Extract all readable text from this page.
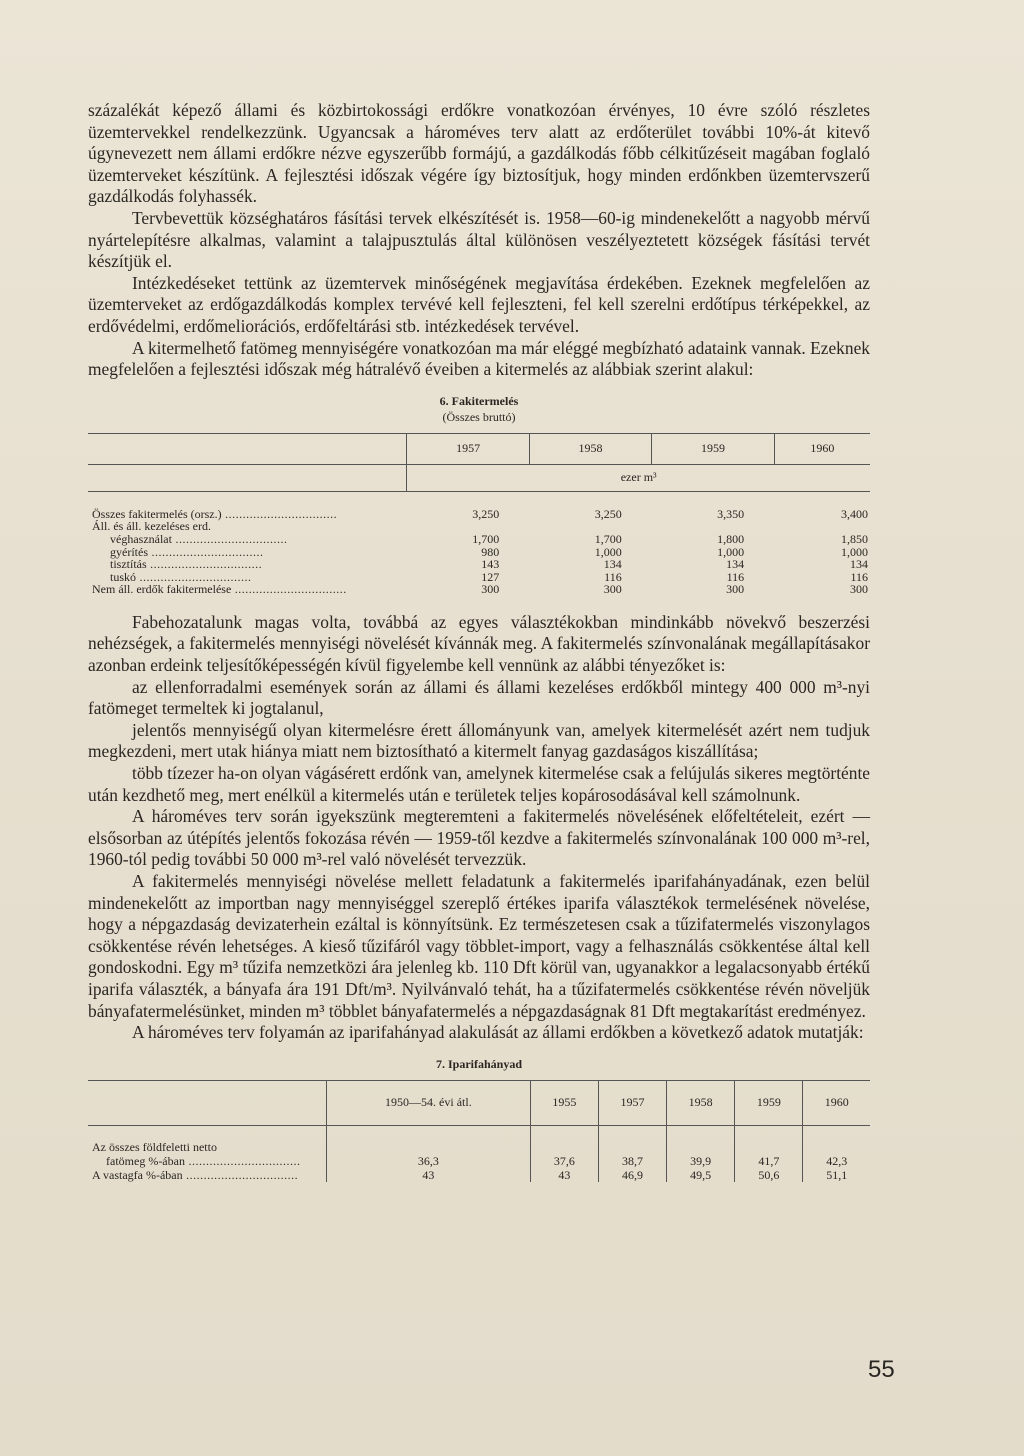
százalékát képező állami és közbirtokossági erdőkre vonatkozóan érvényes, 10 évre szóló részletes üzemtervekkel rendelkezzünk. Ugyancsak a hároméves terv alatt az erdőterület további 10%-át kitevő úgynevezett nem állami erdőkre nézve egyszerűbb formájú, a gazdálkodás főbb célkitűzéseit magában foglaló üzemterveket készítünk. A fejlesztési időszak végére így biztosítjuk, hogy minden erdőnkben üzemtervszerű gazdálkodás folyhassék.

Tervbevettük községhatáros fásítási tervek elkészítését is. 1958—60-ig mindenekelőtt a nagyobb mérvű nyártelepítésre alkalmas, valamint a talajpusztulás által különösen veszélyeztetett községek fásítási tervét készítjük el.

Intézkedéseket tettünk az üzemtervek minőségének megjavítása érdekében. Ezeknek megfelelően az üzemterveket az erdőgazdálkodás komplex tervévé kell fejleszteni, fel kell szerelni erdőtípus térképekkel, az erdővédelmi, erdőmeliorációs, erdőfeltárási stb. intézkedések tervével.

A kitermelhető fatömeg mennyiségére vonatkozóan ma már eléggé megbízható adataink vannak. Ezeknek megfelelően a fejlesztési időszak még hátralévő éveiben a kitermelés az alábbiak szerint alakul:

6. Fakitermelés
(Összes bruttó)
	1957	1958	1959	1960
	ezer m³			

Összes fakitermelés (orsz.) .....	3,250	3,250	3,350	3,400
Áll. és áll. kezeléses erd.				
véghasználat .....	1,700	1,700	1,800	1,850
gyérítés .....	980	1,000	1,000	1,000
tisztítás .....	143	134	134	134
tuskó .....	127	116	116	116
Nem áll. erdők fakitermelése .....	300	300	300	300

Fabehozatalunk magas volta, továbbá az egyes választékokban mindinkább növekvő beszerzési nehézségek, a fakitermelés mennyiségi növelését kívánnák meg. A fakitermelés színvonalának megállapításakor azonban erdeink teljesítőképességén kívül figyelembe kell vennünk az alábbi tényezőket is:

az ellenforradalmi események során az állami és állami kezeléses erdőkből mintegy 400 000 m³-nyi fatömeget termeltek ki jogtalanul,

jelentős mennyiségű olyan kitermelésre érett állományunk van, amelyek kitermelését azért nem tudjuk megkezdeni, mert utak hiánya miatt nem biztosítható a kitermelt fanyag gazdaságos kiszállítása;

több tízezer ha-on olyan vágásérett erdőnk van, amelynek kitermelése csak a felújulás sikeres megtörténte után kezdhető meg, mert enélkül a kitermelés után e területek teljes kopárosodásával kell számolnunk.

A hároméves terv során igyekszünk megteremteni a fakitermelés növelésének előfeltételeit, ezért — elsősorban az útépítés jelentős fokozása révén — 1959-től kezdve a fakitermelés színvonalának 100 000 m³-rel, 1960-tól pedig további 50 000 m³-rel való növelését tervezzük.

A fakitermelés mennyiségi növelése mellett feladatunk a fakitermelés iparifahányadának, ezen belül mindenekelőtt az importban nagy mennyiséggel szereplő értékes iparifa választékok termelésének növelése, hogy a népgazdaság devizaterhein ezáltal is könnyítsünk. Ez természetesen csak a tűzifatermelés viszonylagos csökkentése révén lehetséges. A kieső tűzifáról vagy többlet-import, vagy a felhasználás csökkentése által kell gondoskodni. Egy m³ tűzifa nemzetközi ára jelenleg kb. 110 Dft körül van, ugyanakkor a legalacsonyabb értékű iparifa választék, a bányafa ára 191 Dft/m³. Nyilvánvaló tehát, ha a tűzifatermelés csökkentése révén növeljük bányafatermelésünket, minden m³ többlet bányafatermelés a népgazdaságnak 81 Dft megtakarítást eredményez.

A hároméves terv folyamán az iparifahányad alakulását az állami erdőkben a következő adatok mutatják:

7. Iparifahányad
	1950—54. évi átl.	1955	1957	1958	1959	1960
Az összes földfeletti netto						
fatömeg %-ában .....	36,3	37,6	38,7	39,9	41,7	42,3
A vastagfa %-ában .....	43	43	46,9	49,5	50,6	51,1
55
